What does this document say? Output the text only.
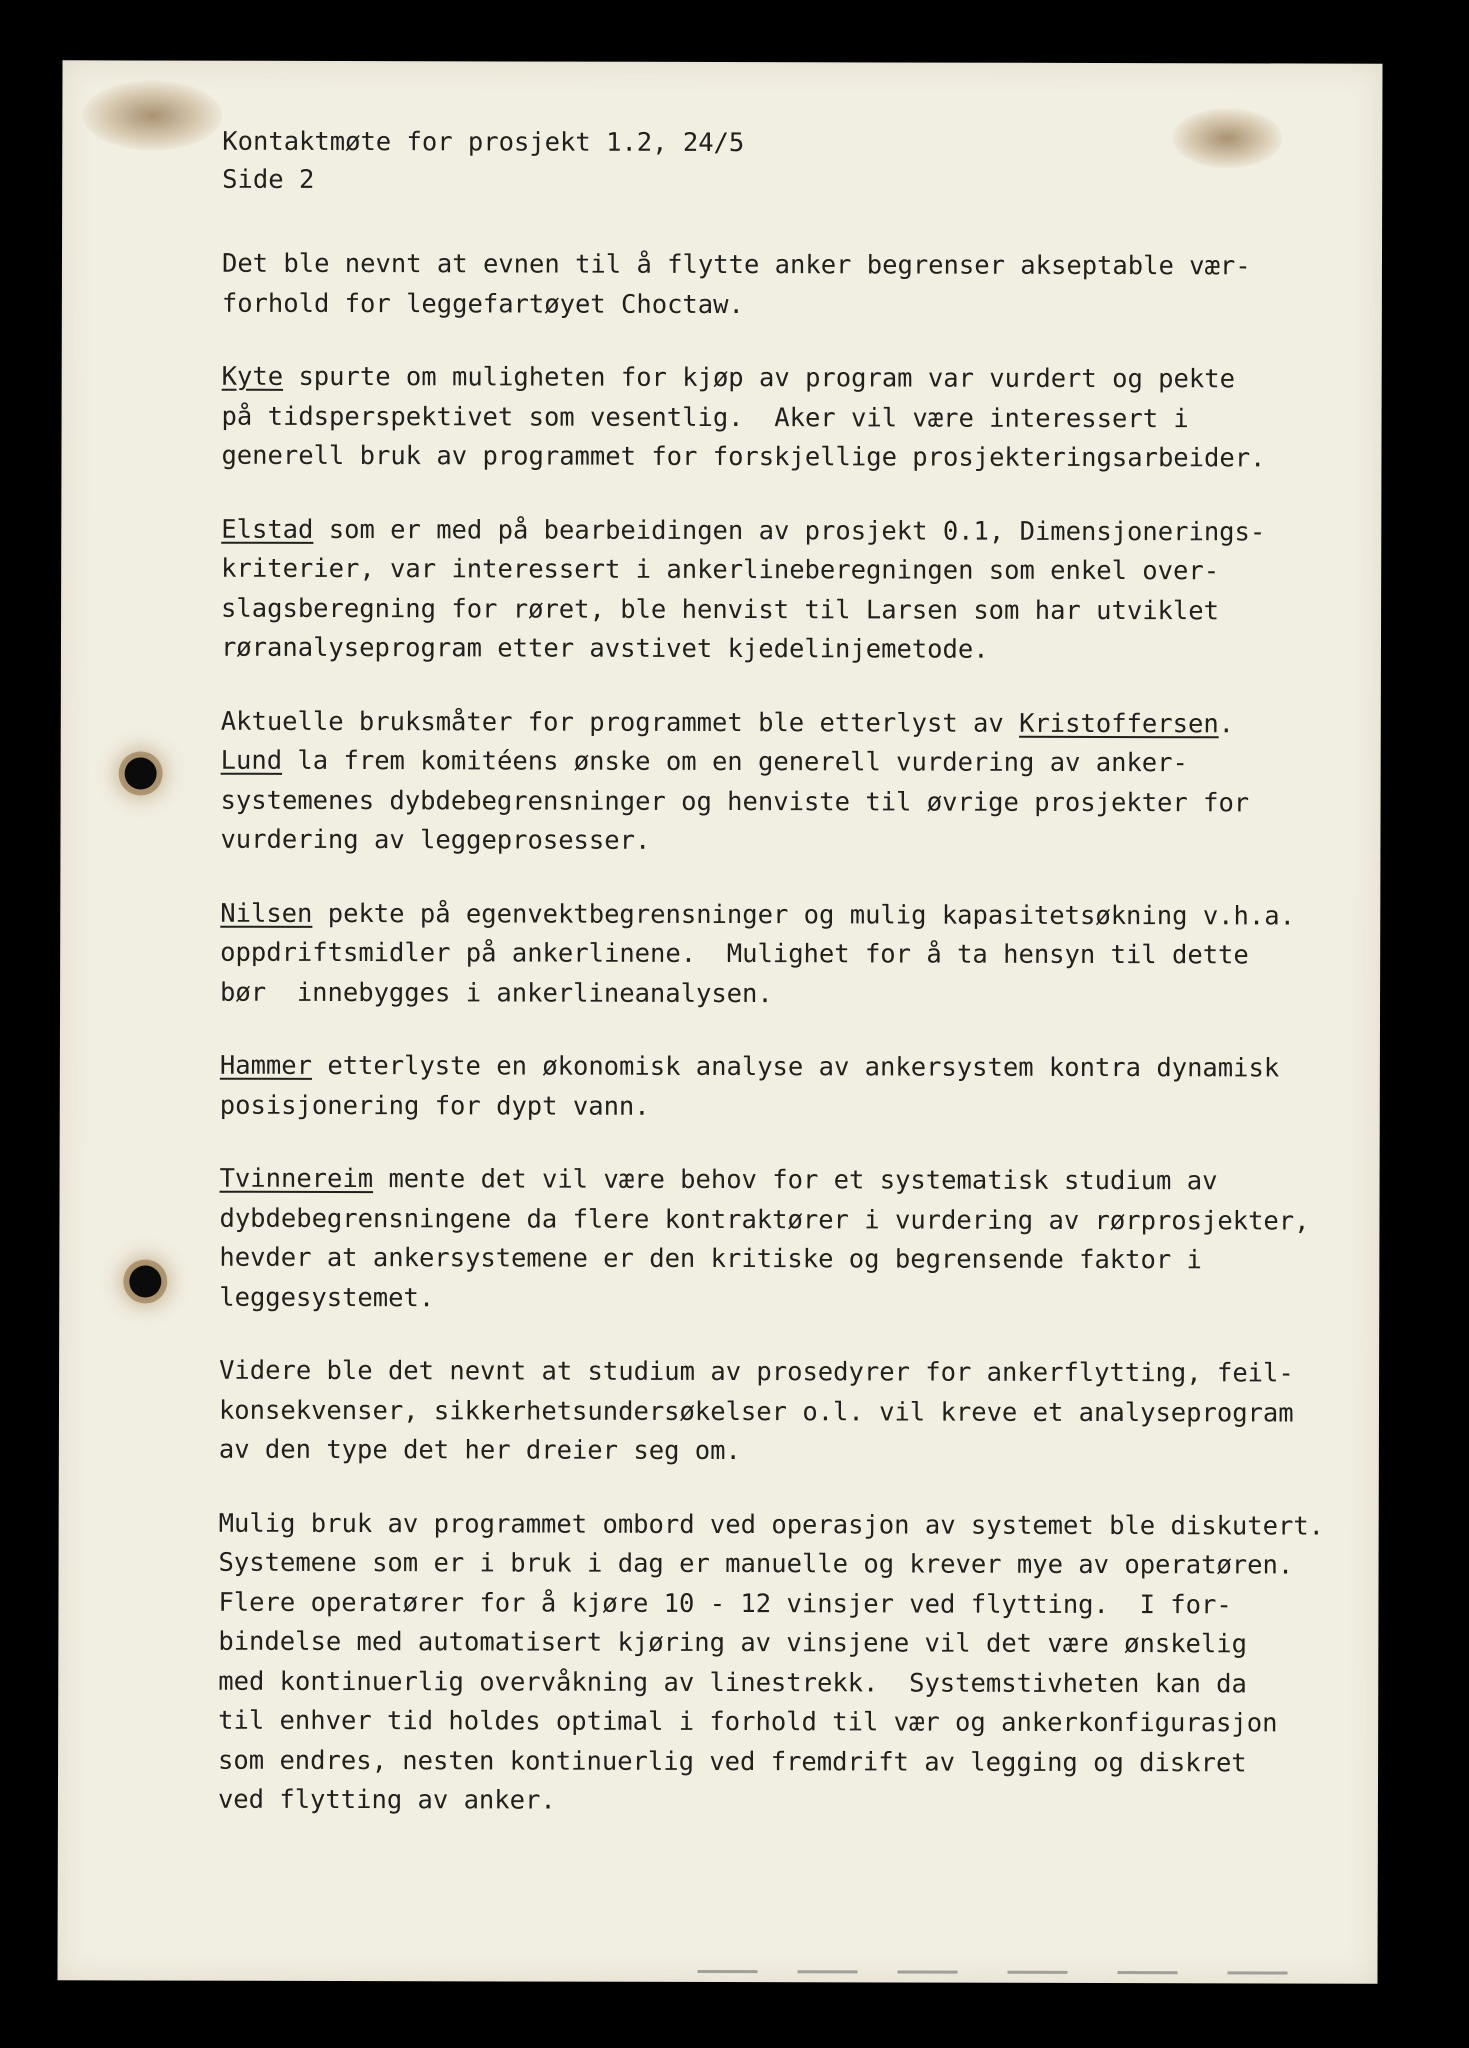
Kontaktmøte for prosjekt 1.2, 24/5

Side 2

Det ble nevnt at evnen til å flytte anker begrenser akseptable vær-
forhold for leggefartøyet Choctaw.
Kyte spurte om muligheten for kjøp av program var vurdert og pekte
på tidsperspektivet som vesentlig.  Aker vil være interessert i
generell bruk av programmet for forskjellige prosjekteringsarbeider.
Elstad som er med på bearbeidingen av prosjekt 0.1, Dimensjonerings-
kriterier, var interessert i ankerlineberegningen som enkel over-
slagsberegning for røret, ble henvist til Larsen som har utviklet
røranalyseprogram etter avstivet kjedelinjemetode.
Aktuelle bruksmåter for programmet ble etterlyst av Kristoffersen.
Lund la frem komitéens ønske om en generell vurdering av anker-
systemenes dybdebegrensninger og henviste til øvrige prosjekter for
vurdering av leggeprosesser.
Nilsen pekte på egenvektbegrensninger og mulig kapasitetsøkning v.h.a.
oppdriftsmidler på ankerlinene.  Mulighet for å ta hensyn til dette
bør  innebygges i ankerlineanalysen.
Hammer etterlyste en økonomisk analyse av ankersystem kontra dynamisk
posisjonering for dypt vann.
Tvinnereim mente det vil være behov for et systematisk studium av
dybdebegrensningene da flere kontraktører i vurdering av rørprosjekter,
hevder at ankersystemene er den kritiske og begrensende faktor i
leggesystemet.
Videre ble det nevnt at studium av prosedyrer for ankerflytting, feil-
konsekvenser, sikkerhetsundersøkelser o.l. vil kreve et analyseprogram
av den type det her dreier seg om.
Mulig bruk av programmet ombord ved operasjon av systemet ble diskutert.
Systemene som er i bruk i dag er manuelle og krever mye av operatøren.
Flere operatører for å kjøre 10 - 12 vinsjer ved flytting.  I for-
bindelse med automatisert kjøring av vinsjene vil det være ønskelig
med kontinuerlig overvåkning av linestrekk.  Systemstivheten kan da
til enhver tid holdes optimal i forhold til vær og ankerkonfigurasjon
som endres, nesten kontinuerlig ved fremdrift av legging og diskret
ved flytting av anker.
